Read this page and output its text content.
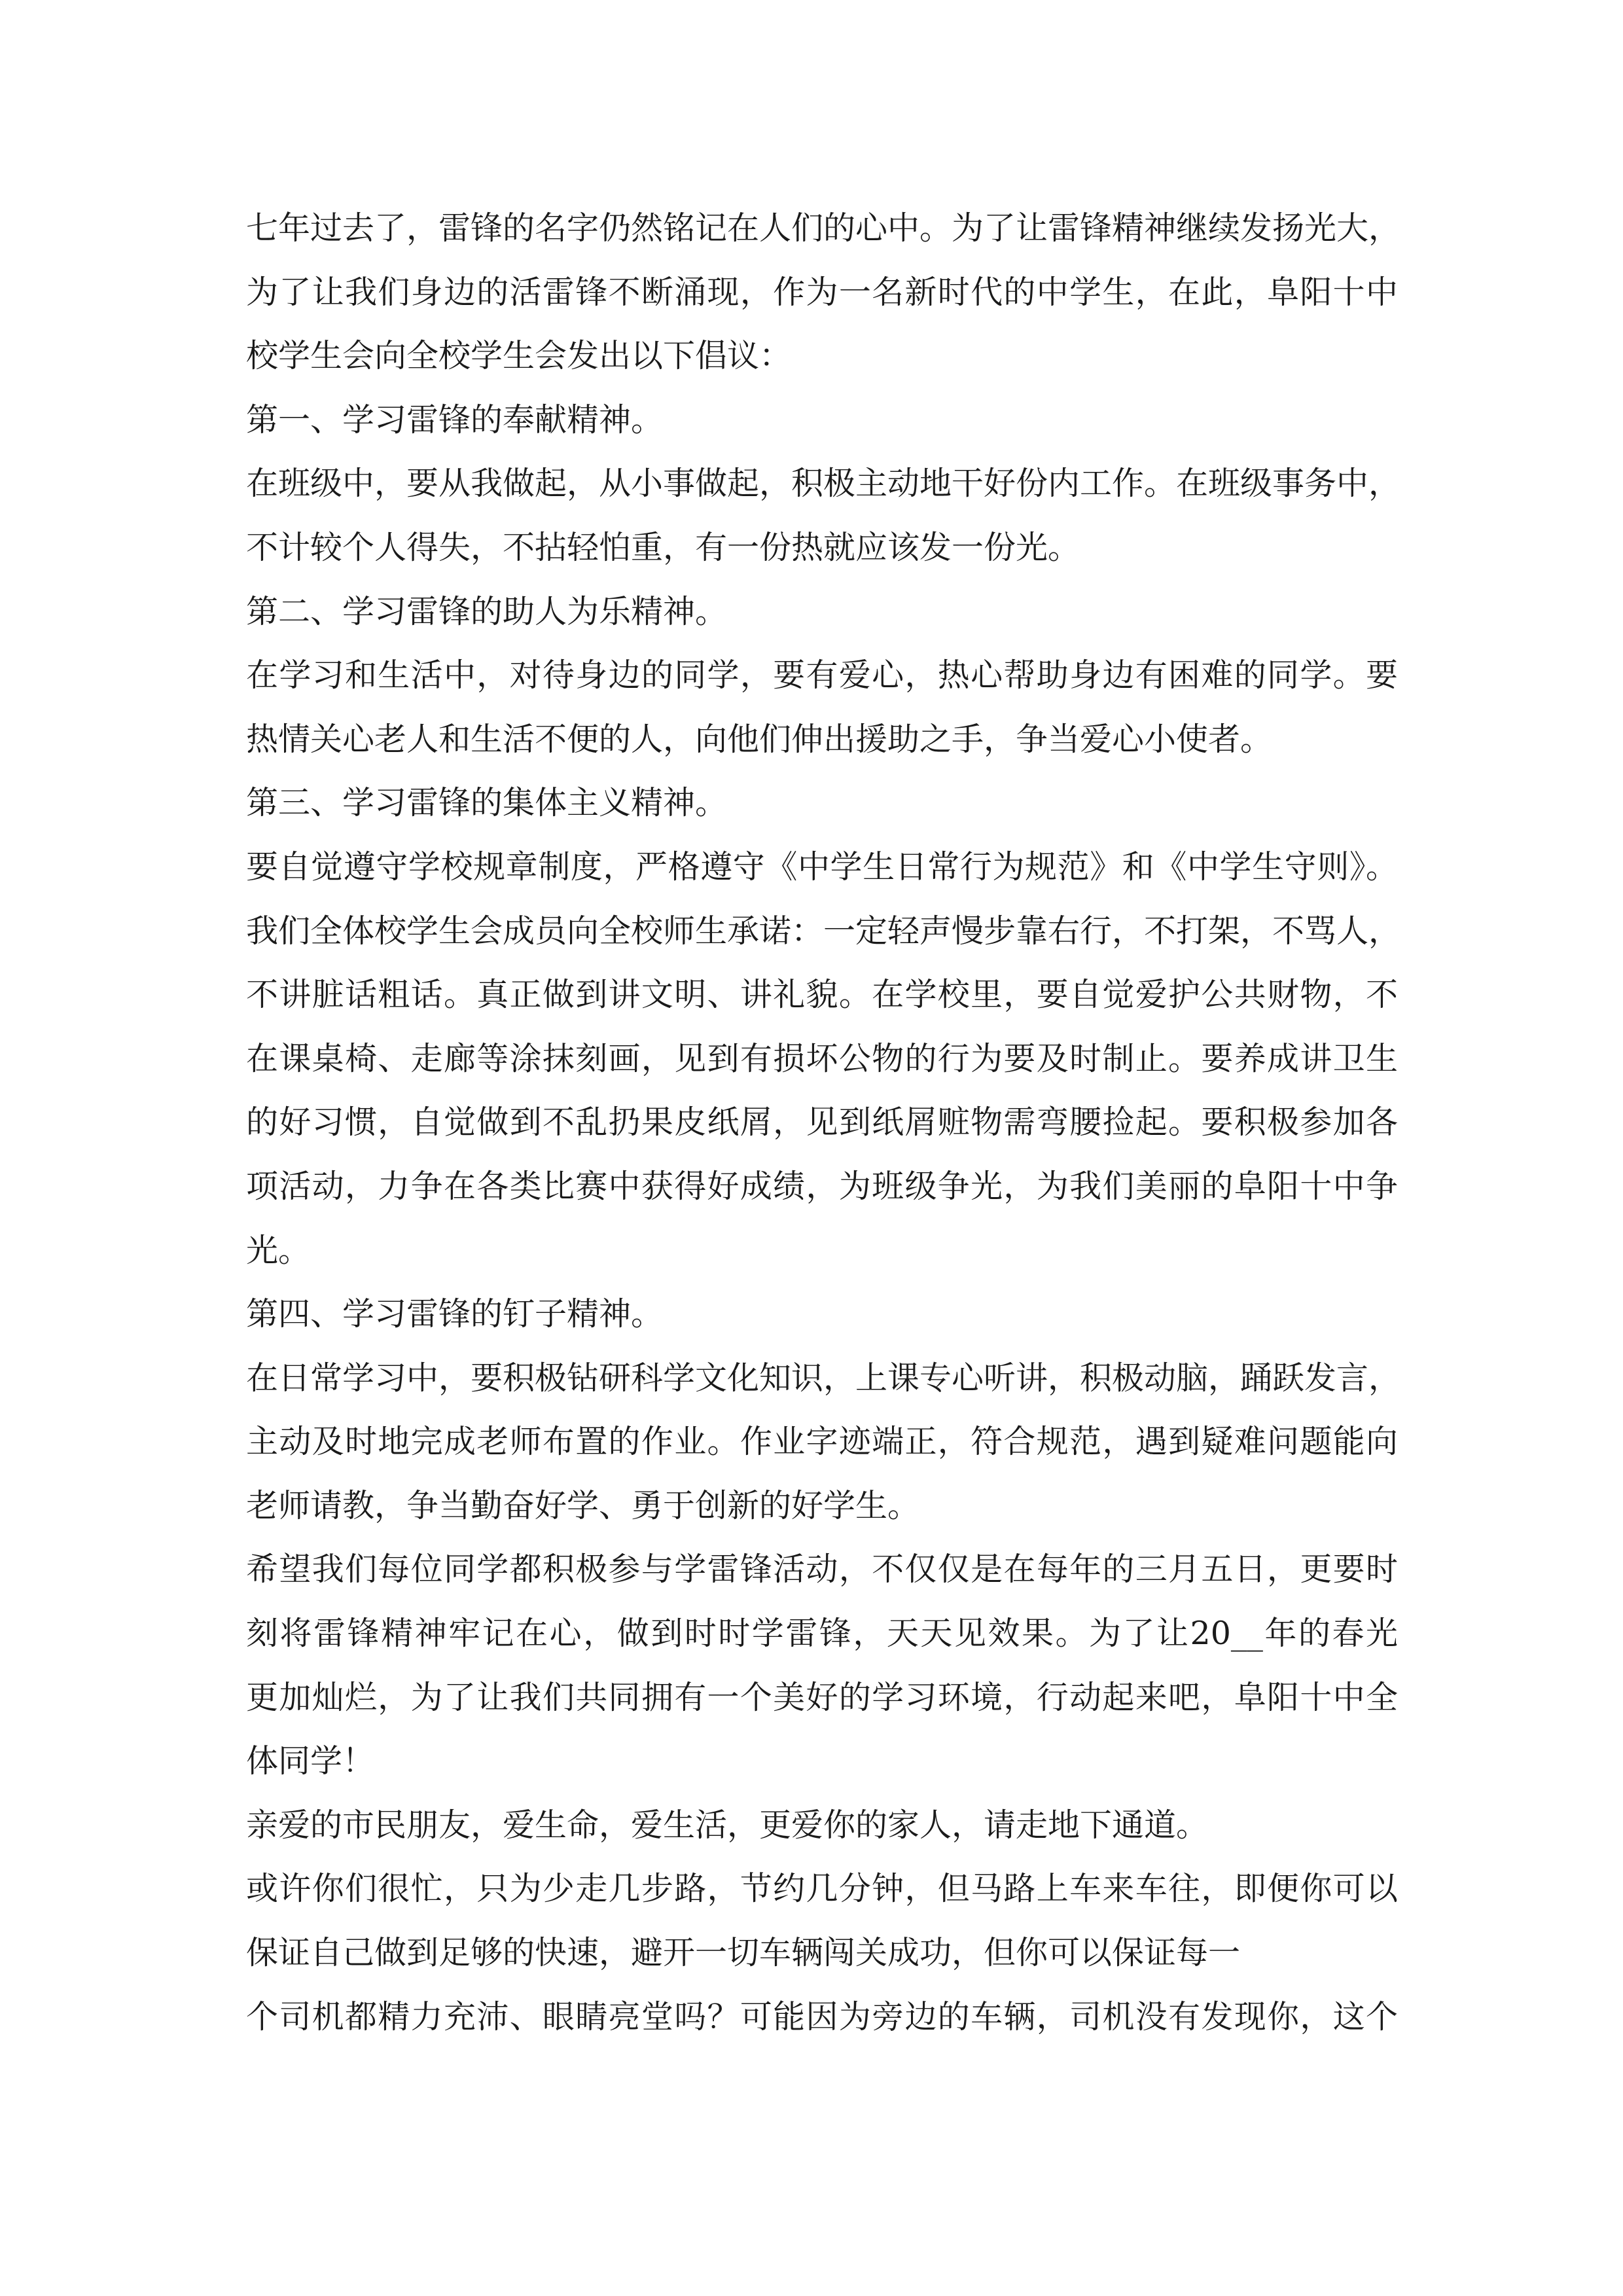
七年过去了，雷锋的名字仍然铭记在人们的心中。为了让雷锋精神继续发扬光大，
为了让我们身边的活雷锋不断涌现，作为一名新时代的中学生，在此，阜阳十中
校学生会向全校学生会发出以下倡议：
第一、学习雷锋的奉献精神。
在班级中，要从我做起，从小事做起，积极主动地干好份内工作。在班级事务中，
不计较个人得失，不拈轻怕重，有一份热就应该发一份光。
第二、学习雷锋的助人为乐精神。
在学习和生活中，对待身边的同学，要有爱心，热心帮助身边有困难的同学。要
热情关心老人和生活不便的人，向他们伸出援助之手，争当爱心小使者。
第三、学习雷锋的集体主义精神。
要自觉遵守学校规章制度，严格遵守《中学生日常行为规范》和《中学生守则》。
我们全体校学生会成员向全校师生承诺：一定轻声慢步靠右行，不打架，不骂人，
不讲脏话粗话。真正做到讲文明、讲礼貌。在学校里，要自觉爱护公共财物，不
在课桌椅、走廊等涂抹刻画，见到有损坏公物的行为要及时制止。要养成讲卫生
的好习惯，自觉做到不乱扔果皮纸屑，见到纸屑赃物需弯腰捡起。要积极参加各
项活动，力争在各类比赛中获得好成绩，为班级争光，为我们美丽的阜阳十中争
光。
第四、学习雷锋的钉子精神。
在日常学习中，要积极钻研科学文化知识，上课专心听讲，积极动脑，踊跃发言，
主动及时地完成老师布置的作业。作业字迹端正，符合规范，遇到疑难问题能向
老师请教，争当勤奋好学、勇于创新的好学生。
希望我们每位同学都积极参与学雷锋活动，不仅仅是在每年的三月五日，更要时
刻将雷锋精神牢记在心，做到时时学雷锋，天天见效果。为了让20__年的春光
更加灿烂，为了让我们共同拥有一个美好的学习环境，行动起来吧，阜阳十中全
体同学！
亲爱的市民朋友，爱生命，爱生活，更爱你的家人，请走地下通道。
或许你们很忙，只为少走几步路，节约几分钟，但马路上车来车往，即便你可以
保证自己做到足够的快速，避开一切车辆闯关成功，但你可以保证每一
个司机都精力充沛、眼睛亮堂吗？可能因为旁边的车辆，司机没有发现你，这个
